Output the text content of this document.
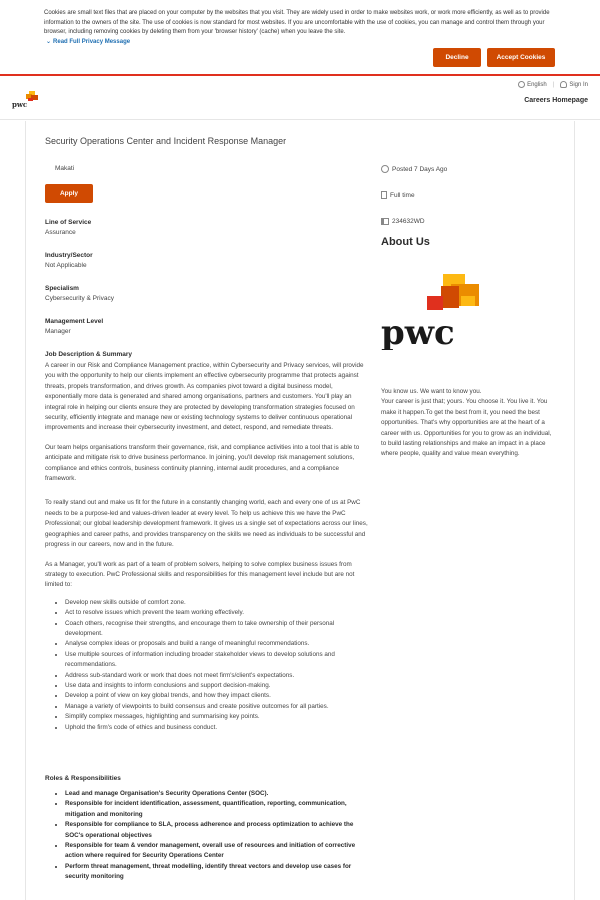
Cookies are small text files that are placed on your computer by the websites that you visit. They are widely used in order to make websites work, or work more efficiently, as well as to provide information to the owners of the site. The use of cookies is now standard for most websites. If you are uncomfortable with the use of cookies, you can manage and control them through your browser, including removing cookies by deleting them from your 'browser history' (cache) when you leave the site.

⌄ Read Full Privacy Message
Decline	Accept Cookies
pwc
English |	Sign In
Careers Homepage
Security Operations Center and Incident Response Manager
Makati
Apply
Line of Service
Assurance
Industry/Sector
Not Applicable
Specialism
Cybersecurity & Privacy
Management Level
Manager
Job Description & Summary

A career in our Risk and Compliance Management practice, within Cybersecurity and Privacy services, will provide you with the opportunity to help our clients implement an effective cybersecurity programme that protects against threats, propels transformation, and drives growth. As companies pivot toward a digital business model, exponentially more data is generated and shared among organisations, partners and customers. You'll play an integral role in helping our clients ensure they are protected by developing transformation strategies focused on security, efficiently integrate and manage new or existing technology systems to deliver continuous operational improvements and increase their cybersecurity investment, and detect, respond, and remediate threats.

Our team helps organisations transform their governance, risk, and compliance activities into a tool that is able to anticipate and mitigate risk to drive business performance. In joining, you'll develop risk management solutions, compliance and ethics controls, business continuity planning, internal audit procedures, and a compliance framework.

To really stand out and make us fit for the future in a constantly changing world, each and every one of us at PwC needs to be a purpose-led and values-driven leader at every level. To help us achieve this we have the PwC Professional; our global leadership development framework. It gives us a single set of expectations across our lines, geographies and career paths, and provides transparency on the skills we need as individuals to be successful and progress in our careers, now and in the future.

As a Manager, you'll work as part of a team of problem solvers, helping to solve complex business issues from strategy to execution. PwC Professional skills and responsibilities for this management level include but are not limited to:

• Develop new skills outside of comfort zone.
• Act to resolve issues which prevent the team working effectively.
• Coach others, recognise their strengths, and encourage them to take ownership of their personal development.
• Analyse complex ideas or proposals and build a range of meaningful recommendations.
• Use multiple sources of information including broader stakeholder views to develop solutions and recommendations.
• Address sub-standard work or work that does not meet firm's/client's expectations.
• Use data and insights to inform conclusions and support decision-making.
• Develop a point of view on key global trends, and how they impact clients.
• Manage a variety of viewpoints to build consensus and create positive outcomes for all parties.
• Simplify complex messages, highlighting and summarising key points.
• Uphold the firm's code of ethics and business conduct.
Roles & Responsibilities
• Lead and manage Organisation's Security Operations Center (SOC).
• Responsible for incident identification, assessment, quantification, reporting, communication, mitigation and monitoring
• Responsible for compliance to SLA, process adherence and process optimization to achieve the SOC's operational objectives
• Responsible for team & vendor management, overall use of resources and initiation of corrective action where required for Security Operations Center
• Perform threat management, threat modelling, identify threat vectors and develop use cases for security monitoring
Posted 7 Days Ago
Full time
234632WD
About Us
pwc

You know us. We want to know you.
Your career is just that; yours. You choose it. You live it. You make it happen.To get the best from it, you need the best opportunities. That's why opportunities are at the heart of a career with us. Opportunities for you to grow as an individual, to build lasting relationships and make an impact in a place where people, quality and value mean everything.
